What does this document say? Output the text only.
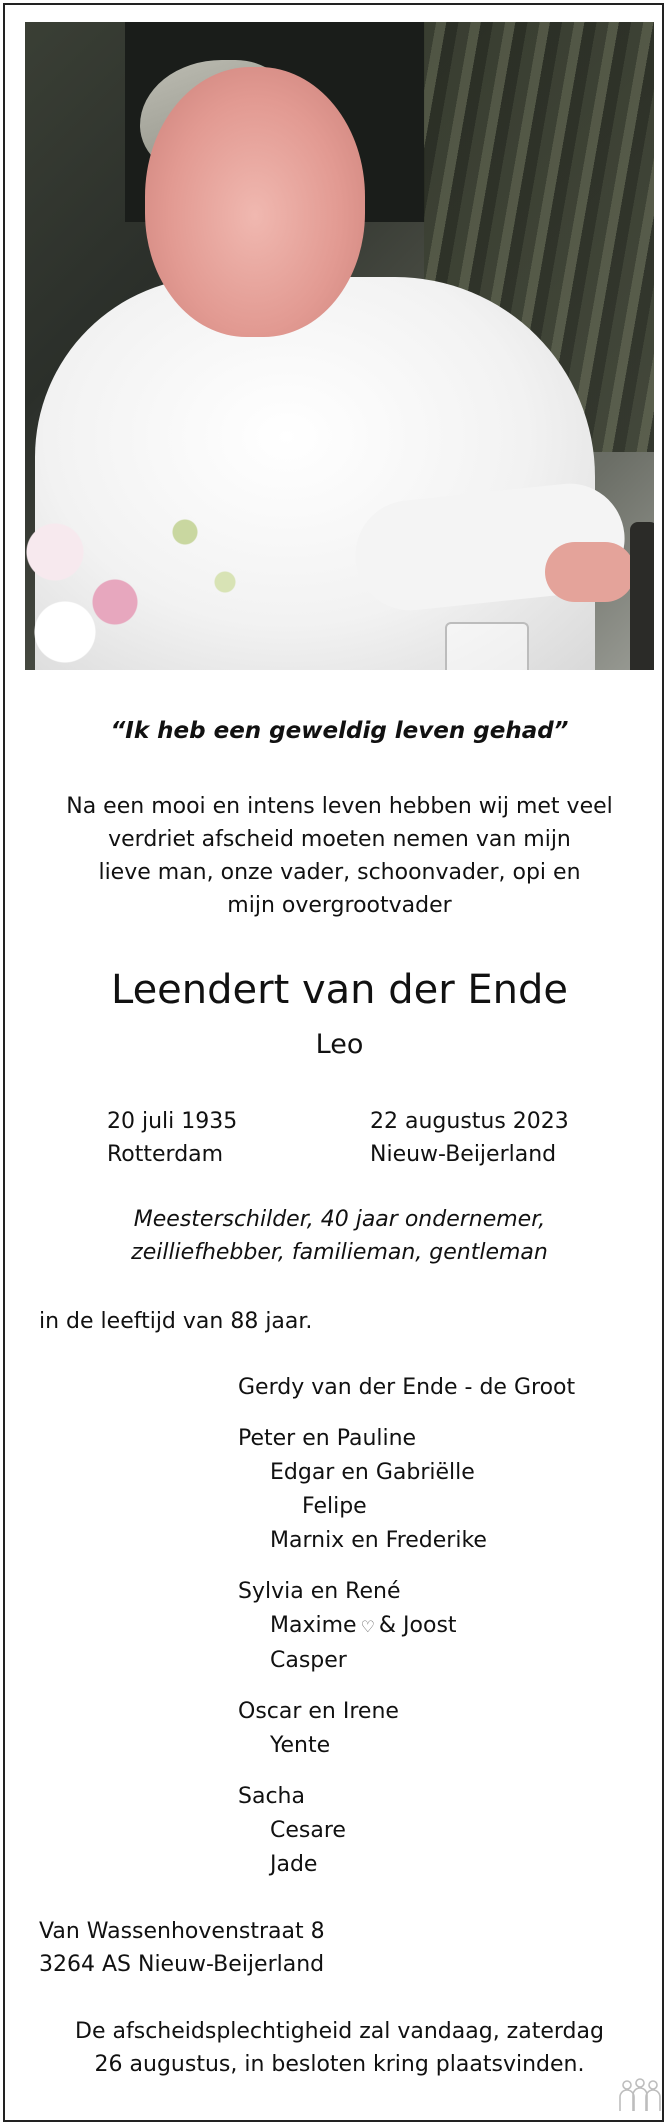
“Ik heb een geweldig leven gehad”
Na een mooi en intens leven hebben wij met veel
verdriet afscheid moeten nemen van mijn
lieve man, onze vader, schoonvader, opi en
mijn overgrootvader
Leendert van der Ende
Leo
20 juli 1935
Rotterdam
22 augustus 2023
Nieuw-Beijerland
Meesterschilder, 40 jaar ondernemer,
zeilliefhebber, familieman, gentleman
in de leeftijd van 88 jaar.
Gerdy van der Ende - de Groot
Peter en Pauline
Edgar en Gabriëlle
Felipe
Marnix en Frederike
Sylvia en René
Maxime ♡ & Joost
Casper
Oscar en Irene
Yente
Sacha
Cesare
Jade
Van Wassenhovenstraat 8
3264 AS Nieuw-Beijerland
De afscheidsplechtigheid zal vandaag, zaterdag
26 augustus, in besloten kring plaatsvinden.
